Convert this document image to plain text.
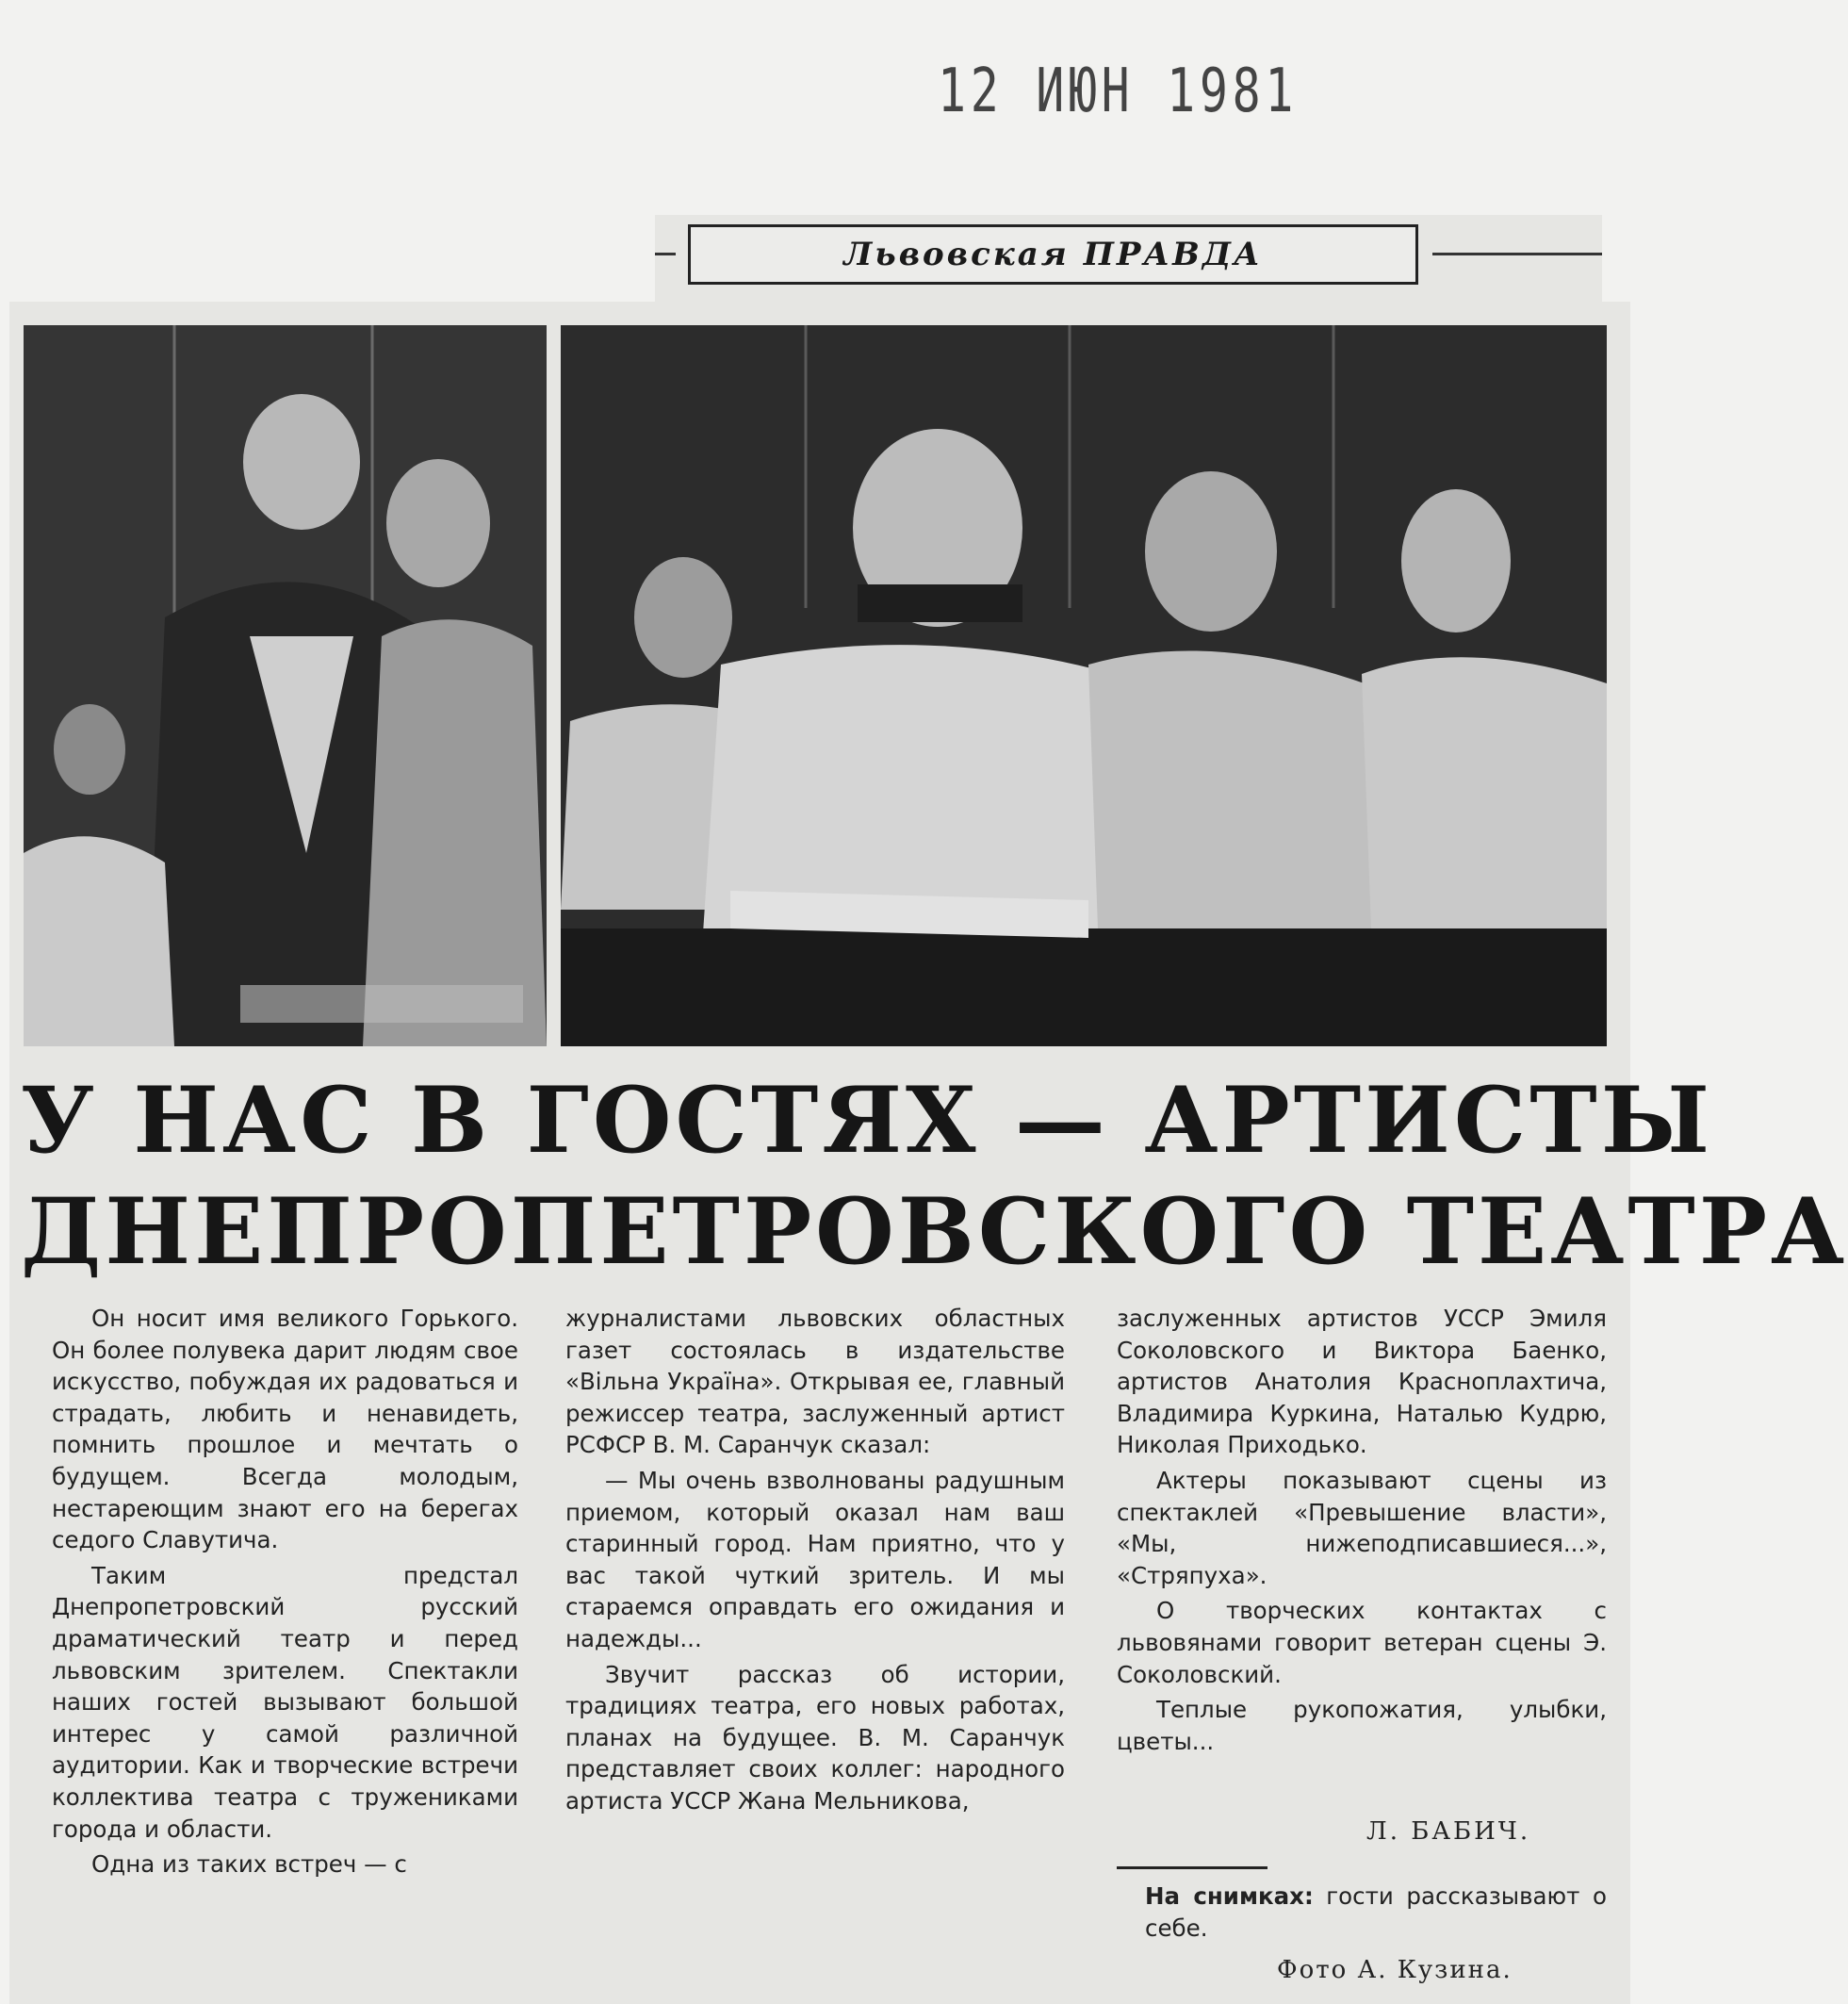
12 ИЮН 1981
Львовская ПРАВДА
У НАС В ГОСТЯХ — АРТИСТЫ
ДНЕПРОПЕТРОВСКОГО ТЕАТРА

Он носит имя великого Горького. Он более полувека дарит людям свое искусство, побуждая их радоваться и страдать, любить и ненавидеть, помнить прошлое и мечтать о будущем. Всегда молодым, нестареющим знают его на берегах седого Славутича.

Таким предстал Днепропетровский русский драматический театр и перед львовским зрителем. Спектакли наших гостей вызывают большой интерес у самой различной аудитории. Как и творческие встречи коллектива театра с тружениками города и области.

Одна из таких встреч — с

журналистами львовских областных газет состоялась в издательстве «Вільна Україна». Открывая ее, главный режиссер театра, заслуженный артист РСФСР В. М. Саранчук сказал:

— Мы очень взволнованы радушным приемом, который оказал нам ваш старинный город. Нам приятно, что у вас такой чуткий зритель. И мы стараемся оправдать его ожидания и надежды...

Звучит рассказ об истории, традициях театра, его новых работах, планах на будущее. В. М. Саранчук представляет своих коллег: народного артиста УССР Жана Мельникова,

заслуженных артистов УССР Эмиля Соколовского и Виктора Баенко, артистов Анатолия Красноплахтича, Владимира Куркина, Наталью Кудрю, Николая Приходько.

Актеры показывают сцены из спектаклей «Превышение власти», «Мы, нижеподписавшиеся...», «Стряпуха».

О творческих контактах с львовянами говорит ветеран сцены Э. Соколовский.

Теплые рукопожатия, улыбки, цветы...

Л. БАБИЧ.
На снимках: гости рассказывают о себе.
Фото А. Кузина.
